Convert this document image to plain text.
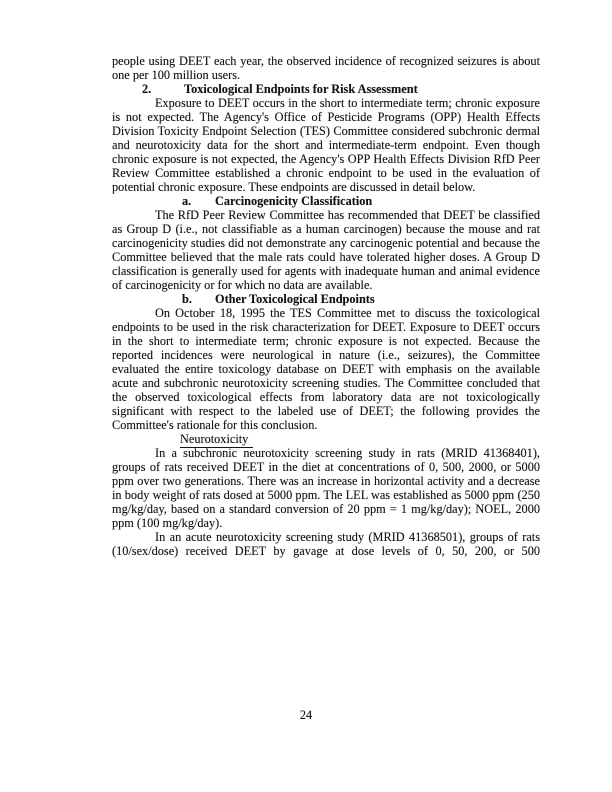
people using DEET each year, the observed incidence of recognized seizures is about one per 100 million users.

2.	Toxicological Endpoints for Risk Assessment

Exposure to DEET occurs in the short to intermediate term; chronic exposure is not expected. The Agency's Office of Pesticide Programs (OPP) Health Effects Division Toxicity Endpoint Selection (TES) Committee considered subchronic dermal and neurotoxicity data for the short and intermediate-term endpoint. Even though chronic exposure is not expected, the Agency's OPP Health Effects Division RfD Peer Review Committee established a chronic endpoint to be used in the evaluation of potential chronic exposure. These endpoints are discussed in detail below.

a. Carcinogenicity Classification

The RfD Peer Review Committee has recommended that DEET be classified as Group D (i.e., not classifiable as a human carcinogen) because the mouse and rat carcinogenicity studies did not demonstrate any carcinogenic potential and because the Committee believed that the male rats could have tolerated higher doses. A Group D classification is generally used for agents with inadequate human and animal evidence of carcinogenicity or for which no data are available.

b. Other Toxicological Endpoints

On October 18, 1995 the TES Committee met to discuss the toxicological endpoints to be used in the risk characterization for DEET. Exposure to DEET occurs in the short to intermediate term; chronic exposure is not expected. Because the reported incidences were neurological in nature (i.e., seizures), the Committee evaluated the entire toxicology database on DEET with emphasis on the available acute and subchronic neurotoxicity screening studies. The Committee concluded that the observed toxicological effects from laboratory data are not toxicologically significant with respect to the labeled use of DEET; the following provides the Committee's rationale for this conclusion.

Neurotoxicity

In a subchronic neurotoxicity screening study in rats (MRID 41368401), groups of rats received DEET in the diet at concentrations of 0, 500, 2000, or 5000 ppm over two generations. There was an increase in horizontal activity and a decrease in body weight of rats dosed at 5000 ppm. The LEL was established as 5000 ppm (250 mg/kg/day, based on a standard conversion of 20 ppm = 1 mg/kg/day); NOEL, 2000 ppm (100 mg/kg/day).

In an acute neurotoxicity screening study (MRID 41368501), groups of rats (10/sex/dose) received DEET by gavage at dose levels of 0, 50, 200, or 500

24
